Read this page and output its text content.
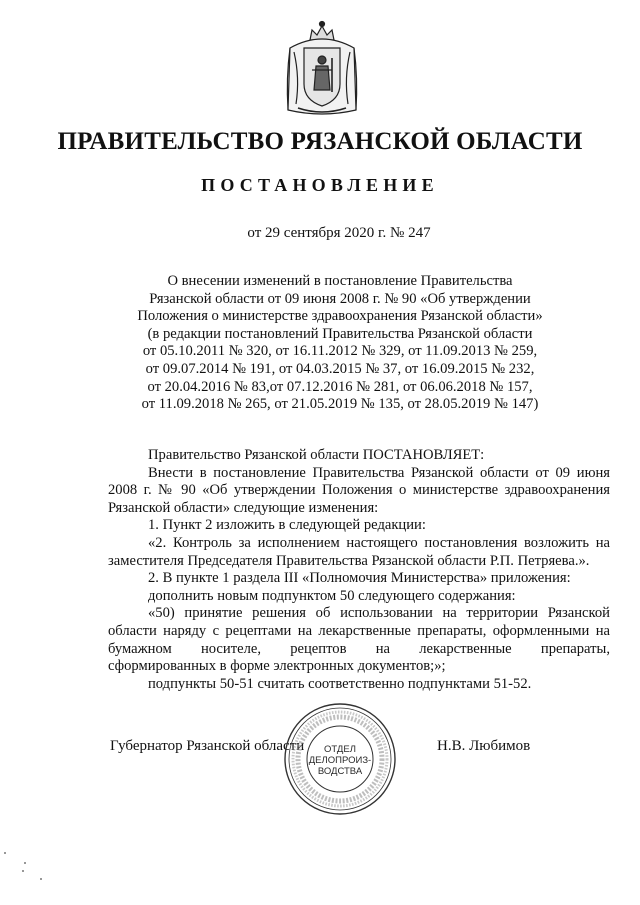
ПРАВИТЕЛЬСТВО РЯЗАНСКОЙ ОБЛАСТИ
ПОСТАНОВЛЕНИЕ
от 29 сентября 2020 г. № 247
О внесении изменений в постановление Правительства
Рязанской области от 09 июня 2008 г. № 90 «Об утверждении
Положения о министерстве здравоохранения Рязанской области»
(в редакции постановлений Правительства Рязанской области
от 05.10.2011 № 320, от 16.11.2012 № 329, от 11.09.2013 № 259,
от 09.07.2014 № 191, от 04.03.2015 № 37, от 16.09.2015 № 232,
от 20.04.2016 № 83,от 07.12.2016 № 281, от 06.06.2018 № 157,
от 11.09.2018 № 265, от 21.05.2019 № 135, от 28.05.2019 № 147)
Правительство Рязанской области ПОСТАНОВЛЯЕТ:
Внести в постановление Правительства Рязанской области от 09 июня
2008 г. № 90 «Об утверждении Положения о министерстве здравоохранения
Рязанской области» следующие изменения:
1. Пункт 2 изложить в следующей редакции:
«2. Контроль за исполнением настоящего постановления возложить на
заместителя Председателя Правительства Рязанской области Р.П. Петряева.».
2. В пункте 1 раздела III «Полномочия Министерства» приложения:
дополнить новым подпунктом 50 следующего содержания:
«50) принятие решения об использовании на территории Рязанской
области наряду с рецептами на лекарственные препараты, оформленными на
бумажном носителе, рецептов на лекарственные препараты,
сформированных в форме электронных документов;»;
подпункты 50-51 считать соответственно подпунктами 51-52.
Губернатор Рязанской области	Н.В. Любимов
ОТДЕЛ
ДЕЛОПРОИЗ-
ВОДСТВА
